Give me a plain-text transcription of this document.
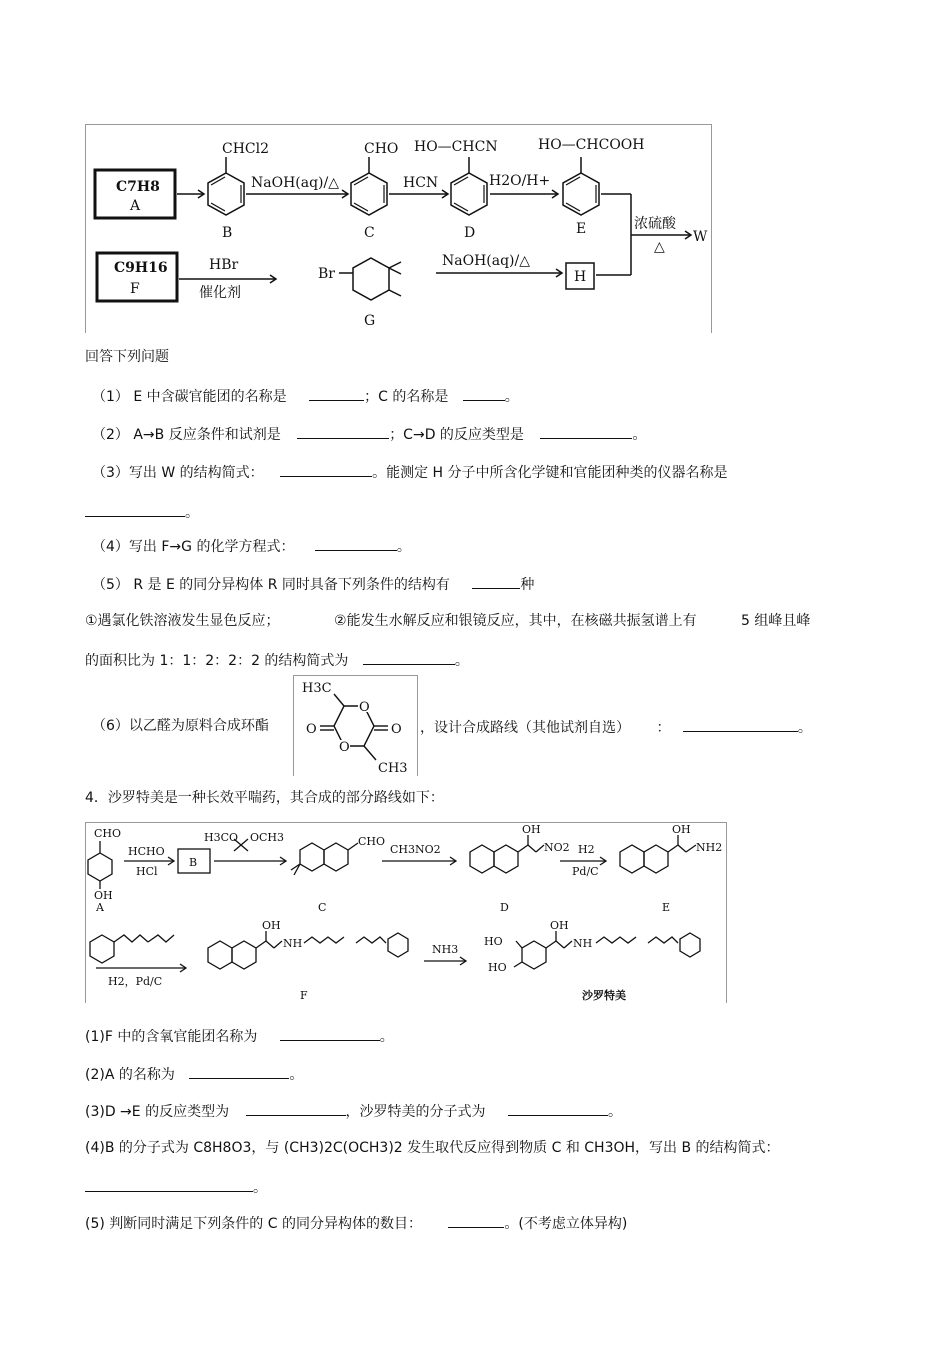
C7H8
A
CHCl2
B
NaOH(aq)/△
CHO
C
HCN
HO—CHCN
D
H2O/H+
HO—CHCOOH
E	浓硫酸
△
W
C9H16
F
HBr
催化剂
Br
G
NaOH(aq)/△
H
回答下列问题
（1） E 中含碳官能团的名称是	；C 的名称是	。
（2） A→B 反应条件和试剂是	；C→D 的反应类型是	。
（3）写出 W 的结构简式：	。能测定 H 分子中所含化学键和官能团种类的仪器名称是
。
（4）写出 F→G 的化学方程式：	。
（5） R 是 E 的同分异构体 R 同时具备下列条件的结构有	种
①遇氯化铁溶液发生显色反应；	②能发生水解反应和银镜反应，其中，在核磁共振氢谱上有	5 组峰且峰
的面积比为 1：1：2：2：2 的结构简式为	。
（6）以乙醛为原料合成环酯
H3C
O
O
O	O
CH3
，设计合成路线（其他试剂自选） ：	。
4．沙罗特美是一种长效平喘药，其合成的部分路线如下：
CHO
OH
A
HCHO
HCl
B
H3CO OCH3	CHO
C
CH3NO2
OH
NO2
D
H2
Pd/C
OH
NH2
E
H2，Pd/C
OH
NH
F
NH3
HO
HO
OH
NH
沙罗特美
(1)F 中的含氧官能团名称为	。
(2)A 的名称为	。
(3)D →E 的反应类型为	，沙罗特美的分子式为	。
(4)B 的分子式为 C8H8O3，与 (CH3)2C(OCH3)2 发生取代反应得到物质 C 和 CH3OH，写出 B 的结构简式：
。
(5) 判断同时满足下列条件的 C 的同分异构体的数目：	。(不考虑立体异构)
